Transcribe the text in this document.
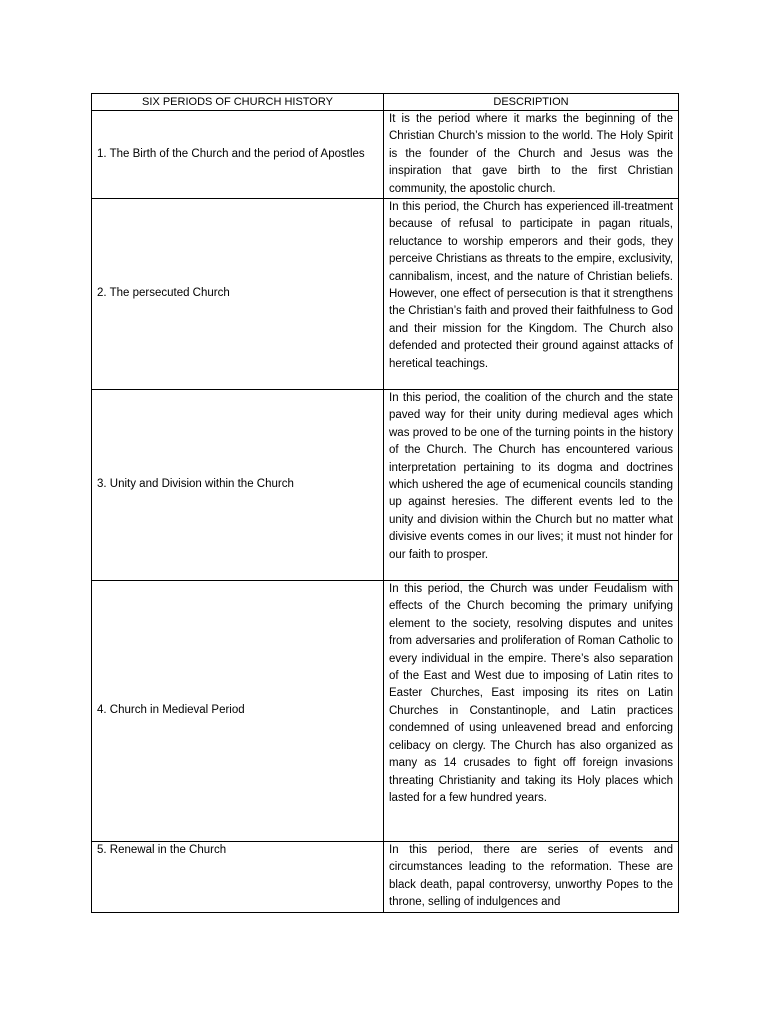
SIX PERIODS OF CHURCH HISTORY	DESCRIPTION
1. The Birth of the Church and the period of Apostles	It is the period where it marks the beginning of the Christian Church’s mission to the world. The Holy Spirit is the founder of the Church and Jesus was the inspiration that gave birth to the first Christian community, the apostolic church.
2. The persecuted Church	In this period, the Church has experienced ill-treatment because of refusal to participate in pagan rituals, reluctance to worship emperors and their gods, they perceive Christians as threats to the empire, exclusivity, cannibalism, incest, and the nature of Christian beliefs. However, one effect of persecution is that it strengthens the Christian’s faith and proved their faithfulness to God and their mission for the Kingdom. The Church also defended and protected their ground against attacks of heretical teachings.
3. Unity and Division within the Church	In this period, the coalition of the church and the state paved way for their unity during medieval ages which was proved to be one of the turning points in the history of the Church. The Church has encountered various interpretation pertaining to its dogma and doctrines which ushered the age of ecumenical councils standing up against heresies. The different events led to the unity and division within the Church but no matter what divisive events comes in our lives; it must not hinder for our faith to prosper.
4. Church in Medieval Period	In this period, the Church was under Feudalism with effects of the Church becoming the primary unifying element to the society, resolving disputes and unites from adversaries and proliferation of Roman Catholic to every individual in the empire. There’s also separation of the East and West due to imposing of Latin rites to Easter Churches, East imposing its rites on Latin Churches in Constantinople, and Latin practices condemned of using unleavened bread and enforcing celibacy on clergy. The Church has also organized as many as 14 crusades to fight off foreign invasions threating Christianity and taking its Holy places which lasted for a few hundred years.
5. Renewal in the Church	In this period, there are series of events and circumstances leading to the reformation. These are black death, papal controversy, unworthy Popes to the throne, selling of indulgences and
